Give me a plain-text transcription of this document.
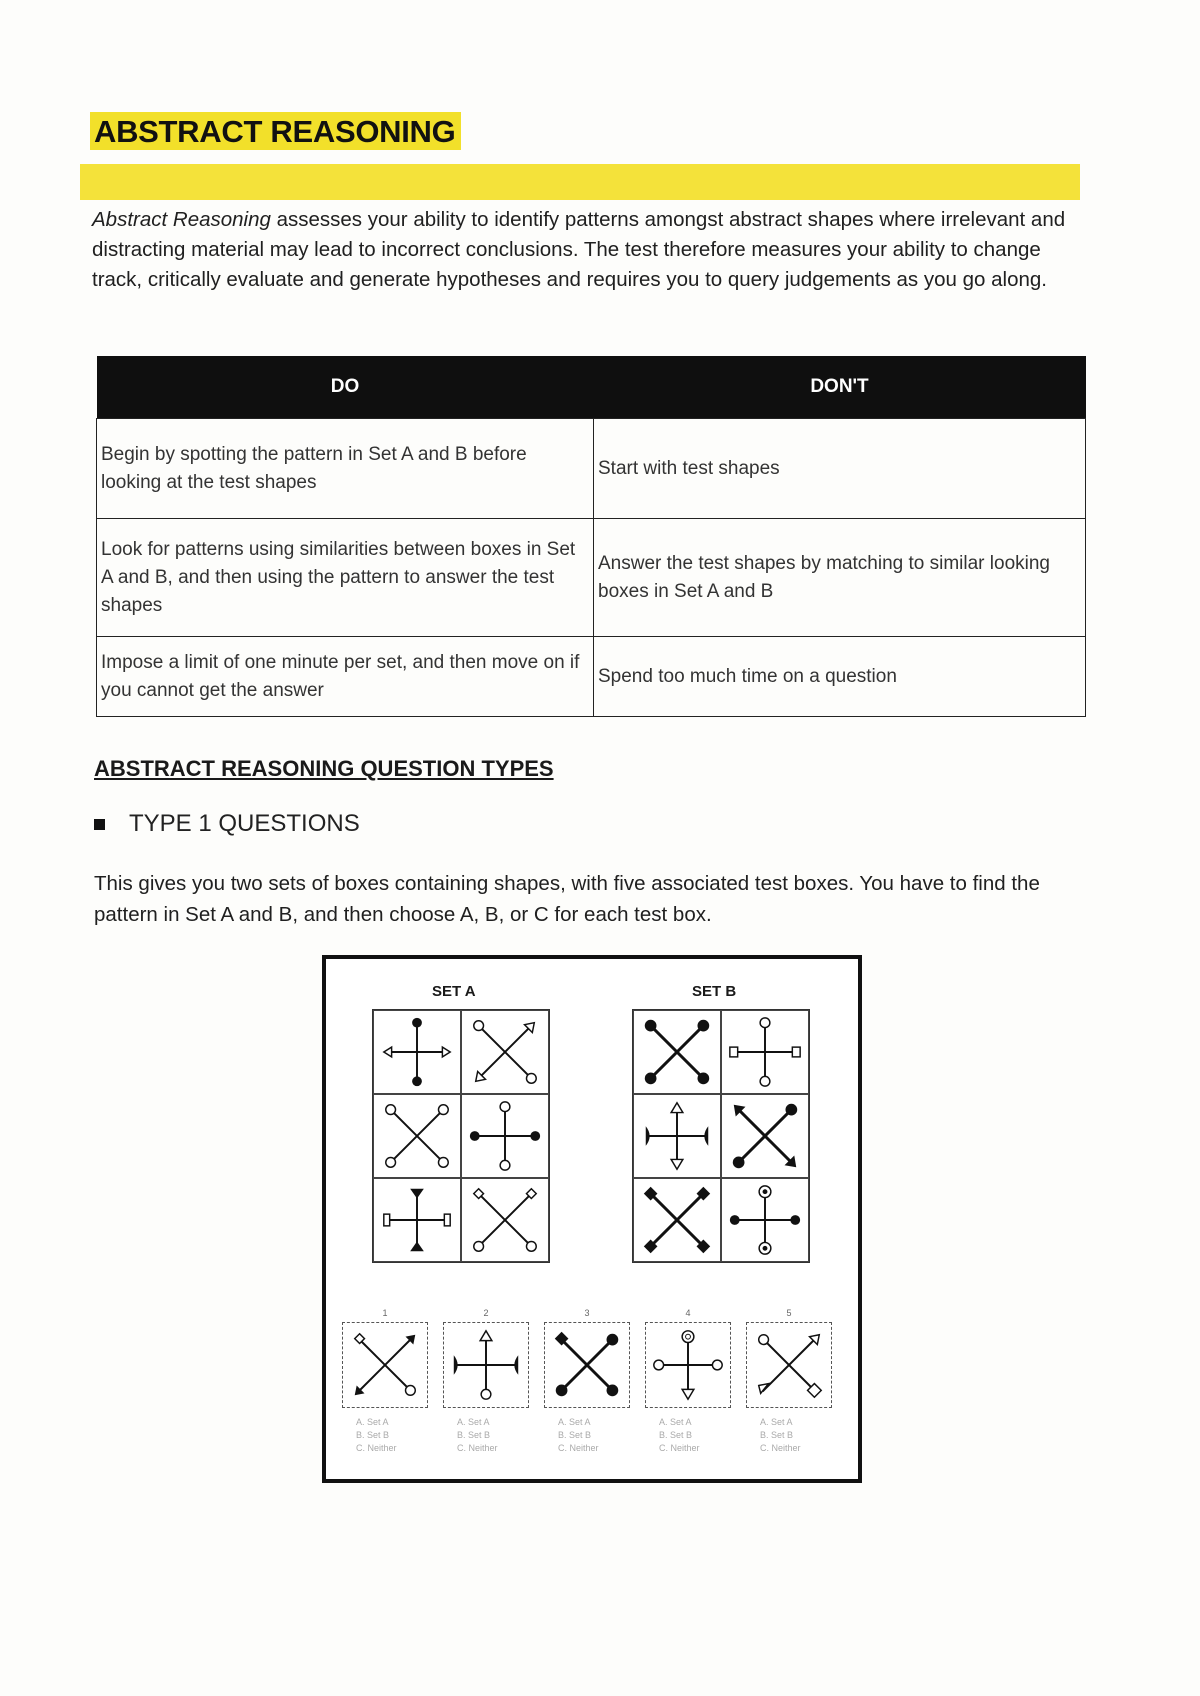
ABSTRACT REASONING
Abstract Reasoning assesses your ability to identify patterns amongst abstract shapes where irrelevant and distracting material may lead to incorrect conclusions. The test therefore measures your ability to change track, critically evaluate and generate hypotheses and requires you to query judgements as you go along.
DO	DON'T
Begin by spotting the pattern in Set A and B before looking at the test shapes	Start with test shapes
Look for patterns using similarities between boxes in Set A and B, and then using the pattern to answer the test shapes	Answer the test shapes by matching to similar looking boxes in Set A and B
Impose a limit of one minute per set, and then move on if you cannot get the answer	Spend too much time on a question
ABSTRACT REASONING QUESTION TYPES
TYPE 1 QUESTIONS
This gives you two sets of boxes containing shapes, with five associated test boxes. You have to find the pattern in Set A and B, and then choose A, B, or C for each test box.
SET A	SET B
1
A. Set A
B. Set B
C. Neither
2
A. Set A
B. Set B
C. Neither
3
A. Set A
B. Set B
C. Neither
4
A. Set A
B. Set B
C. Neither
5
A. Set A
B. Set B
C. Neither
